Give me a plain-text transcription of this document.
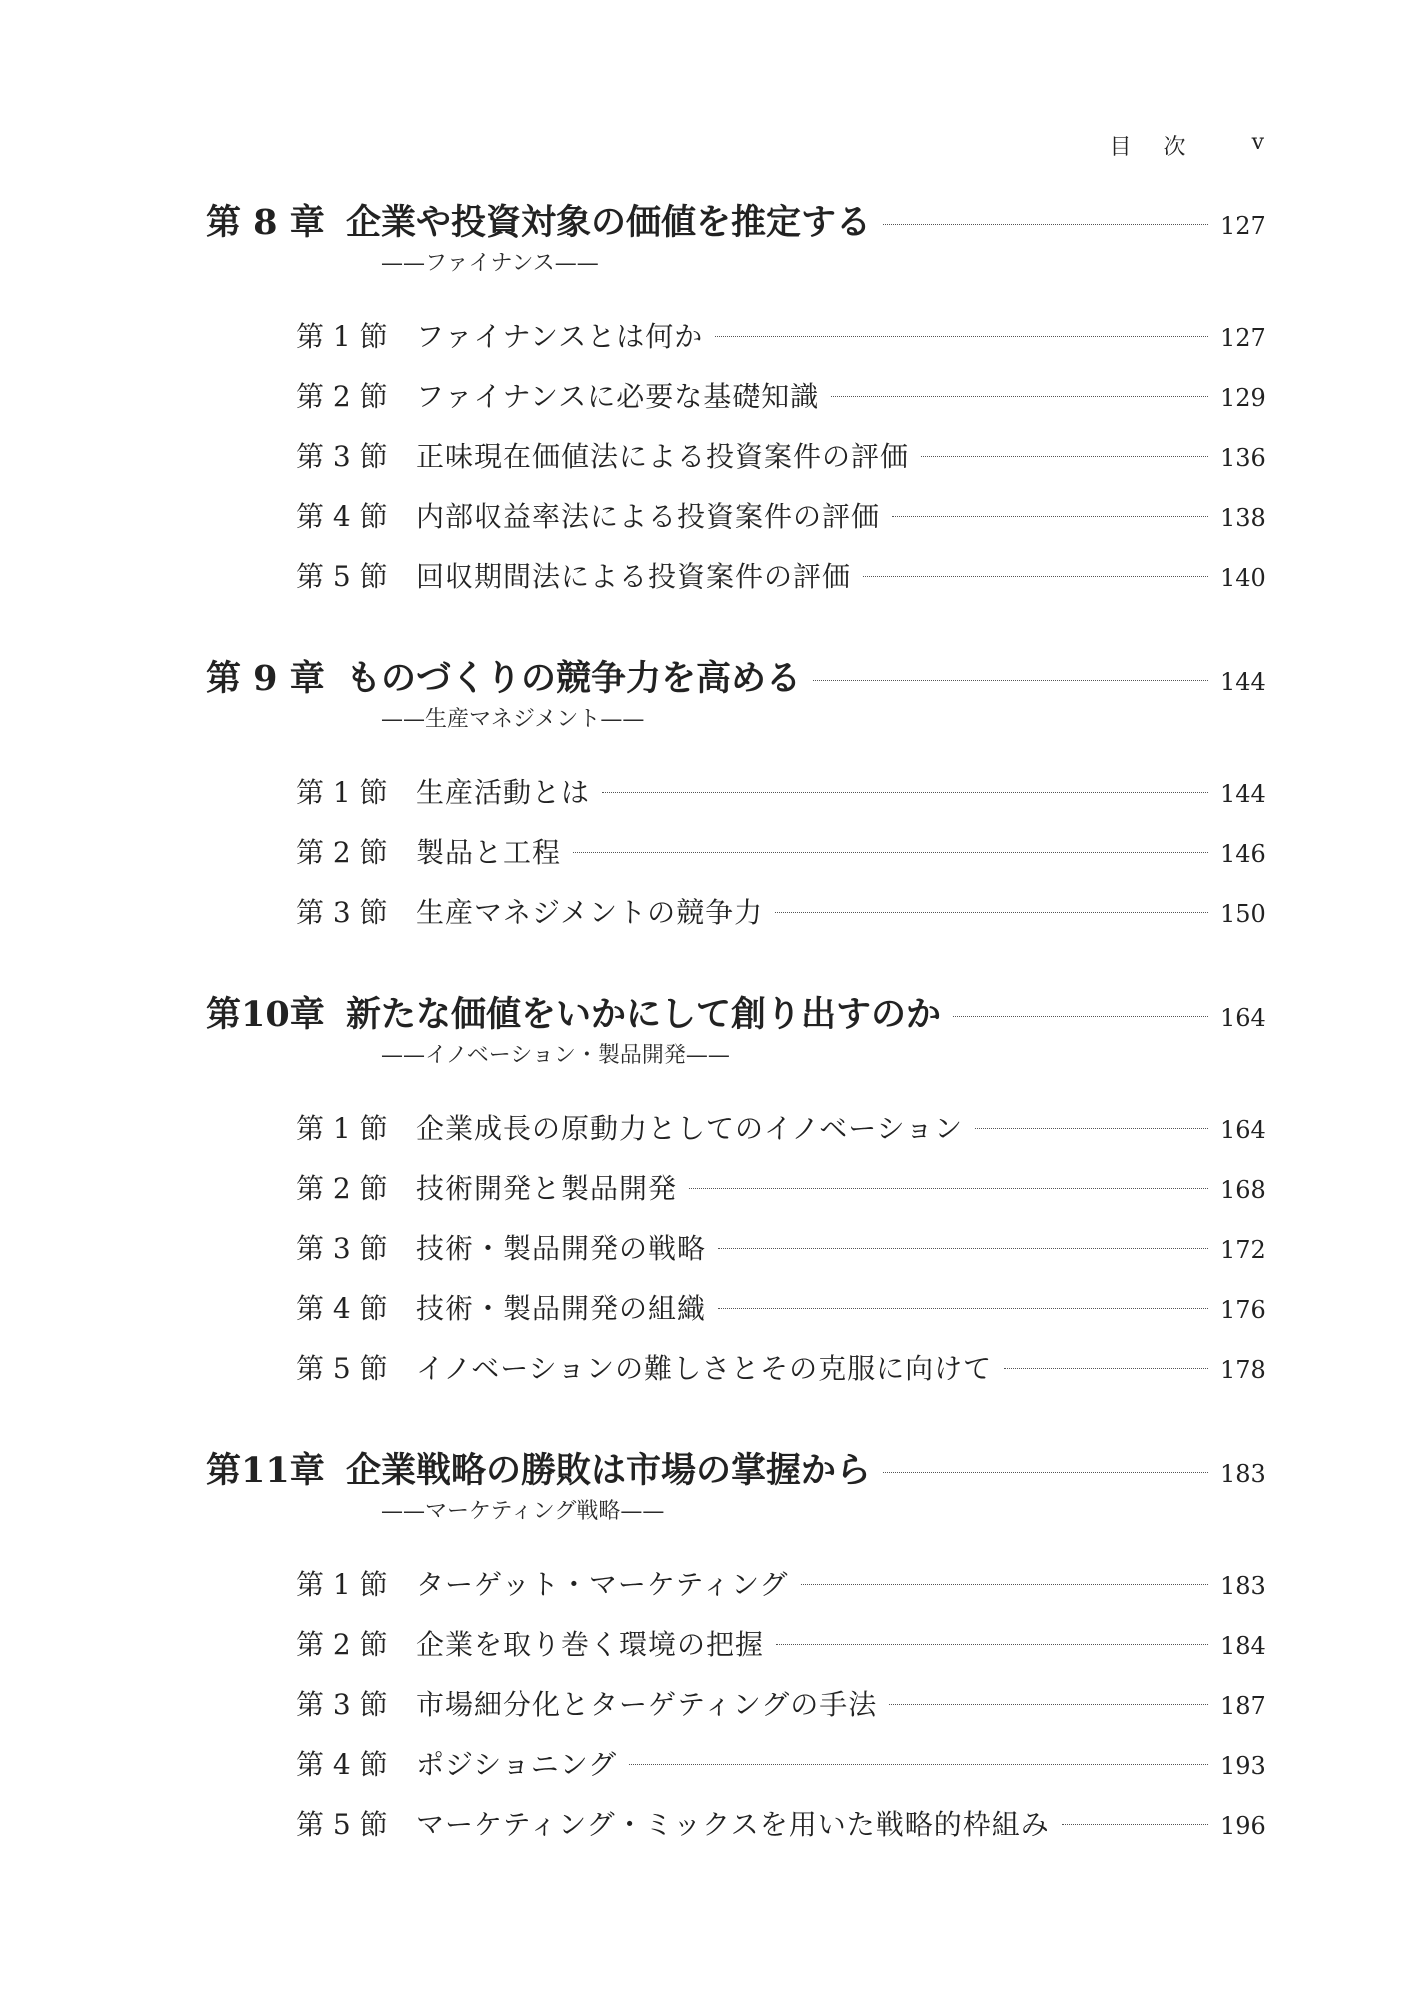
目次 v
第 8 章 企業や投資対象の価値を推定する	127
——ファイナンス——
第 1 節	ファイナンスとは何か	127
第 2 節	ファイナンスに必要な基礎知識	129
第 3 節	正味現在価値法による投資案件の評価	136
第 4 節	内部収益率法による投資案件の評価	138
第 5 節	回収期間法による投資案件の評価	140
第 9 章 ものづくりの競争力を高める	144
——生産マネジメント——
第 1 節	生産活動とは	144
第 2 節	製品と工程	146
第 3 節	生産マネジメントの競争力	150
第10章 新たな価値をいかにして創り出すのか	164
——イノベーション・製品開発——
第 1 節	企業成長の原動力としてのイノベーション	164
第 2 節	技術開発と製品開発	168
第 3 節	技術・製品開発の戦略	172
第 4 節	技術・製品開発の組織	176
第 5 節	イノベーションの難しさとその克服に向けて	178
第11章 企業戦略の勝敗は市場の掌握から	183
——マーケティング戦略——
第 1 節	ターゲット・マーケティング	183
第 2 節	企業を取り巻く環境の把握	184
第 3 節	市場細分化とターゲティングの手法	187
第 4 節	ポジショニング	193
第 5 節	マーケティング・ミックスを用いた戦略的枠組み	196
